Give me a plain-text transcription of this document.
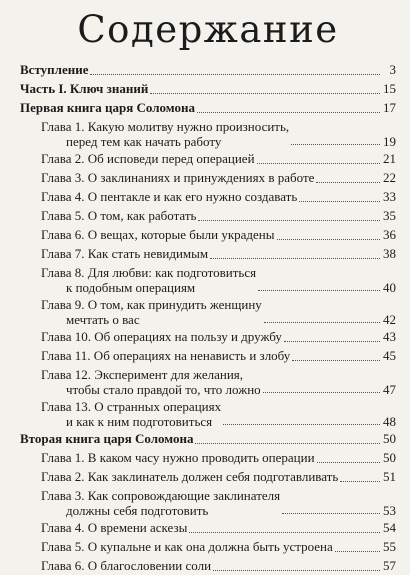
Содержание
Вступление	3
Часть I. Ключ знаний	15
Первая книга царя Соломона	17
Глава 1. Какую молитву нужно произносить,
перед тем как начать работу	19
Глава 2. Об исповеди перед операцией	21
Глава 3. О заклинаниях и принуждениях в работе	22
Глава 4. О пентакле и как его нужно создавать	33
Глава 5. О том, как работать	35
Глава 6. О вещах, которые были украдены	36
Глава 7. Как стать невидимым	38
Глава 8. Для любви: как подготовиться
к подобным операциям	40
Глава 9. О том, как принудить женщину
мечтать о вас	42
Глава 10. Об операциях на пользу и дружбу	43
Глава 11. Об операциях на ненависть и злобу	45
Глава 12. Эксперимент для желания,
чтобы стало правдой то, что ложно	47
Глава 13. О странных операциях
и как к ним подготовиться	48
Вторая книга царя Соломона	50
Глава 1. В каком часу нужно проводить операции	50
Глава 2. Как заклинатель должен себя подготавливать	51
Глава 3. Как сопровождающие заклинателя
должны себя подготовить	53
Глава 4. О времени аскезы	54
Глава 5. О купальне и как она должна быть устроена	55
Глава 6. О благословении соли	57
